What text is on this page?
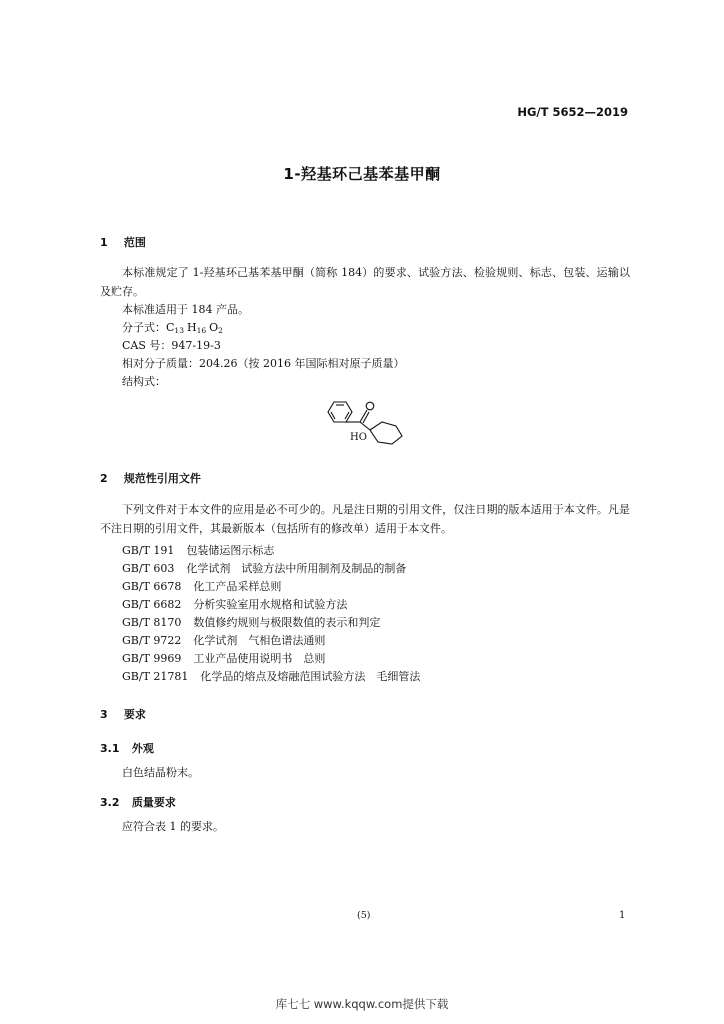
HG/T 5652—2019
1-羟基环己基苯基甲酮
1 范围
本标准规定了 1-羟基环己基苯基甲酮（简称 184）的要求、试验方法、检验规则、标志、包装、运输以及贮存。
本标准适用于 184 产品。
分子式：$C_{13}$ $H_{16}$ $O_2$
CAS 号：947-19-3
相对分子质量：204.26（按 2016 年国际相对原子质量）
结构式：
HO
2 规范性引用文件
下列文件对于本文件的应用是必不可少的。凡是注日期的引用文件，仅注日期的版本适用于本文件。凡是不注日期的引用文件，其最新版本（包括所有的修改单）适用于本文件。
GB/T 191 包装储运图示标志
GB/T 603 化学试剂　试验方法中所用制剂及制品的制备
GB/T 6678 化工产品采样总则
GB/T 6682 分析实验室用水规格和试验方法
GB/T 8170 数值修约规则与极限数值的表示和判定
GB/T 9722 化学试剂　气相色谱法通则
GB/T 9969 工业产品使用说明书　总则
GB/T 21781 化学品的熔点及熔融范围试验方法　毛细管法
3 要求
3.1 外观
白色结晶粉末。
3.2 质量要求
应符合表 1 的要求。
(5)	1
库七七 www.kqqw.com提供下载
